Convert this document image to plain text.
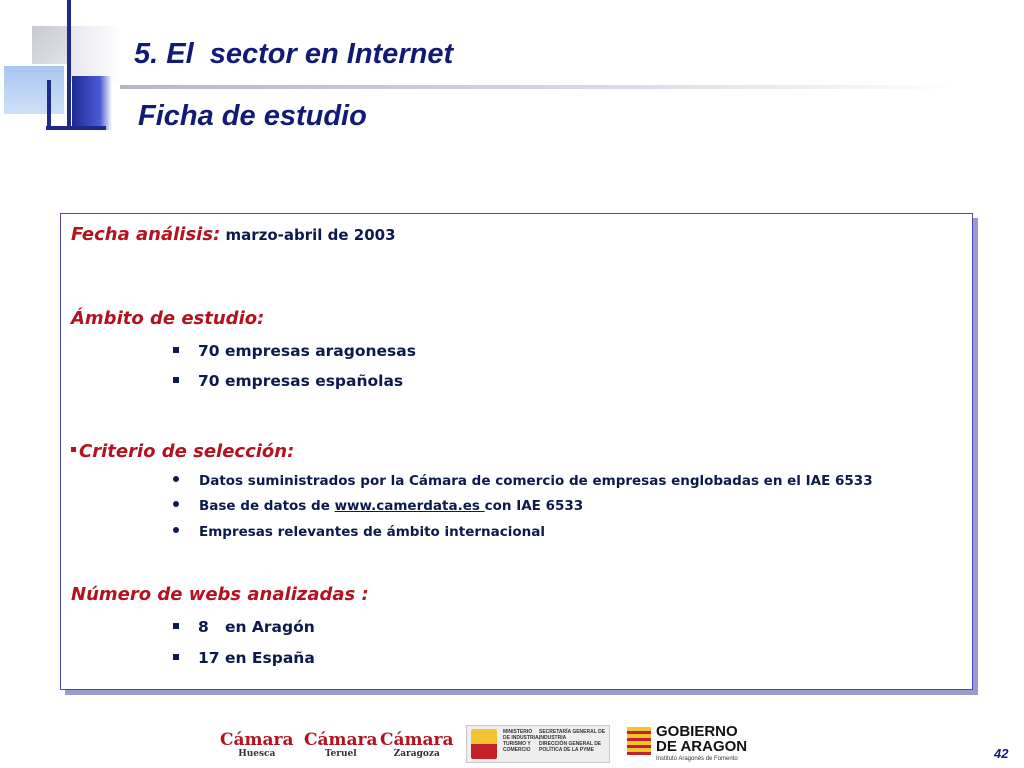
5. El  sector en Internet
Ficha de estudio
Fecha análisis: marzo-abril de 2003
Ámbito de estudio:
70 empresas aragonesas
70 empresas españolas
Criterio de selección:
Datos suministrados por la Cámara de comercio de empresas englobadas en el IAE 6533
Base de datos de www.camerdata.es con IAE 6533
Empresas relevantes de ámbito internacional
Número de webs analizadas :
8   en Aragón
17 en España
Cámara
Huesca
Cámara
Teruel
Cámara
Zaragoza
MINISTERIO
DE INDUSTRIA,
TURISMO Y
COMERCIO
SECRETARÍA GENERAL DE
INDUSTRIA
DIRECCIÓN GENERAL DE
POLÍTICA DE LA PYME
GOBIERNO
DE ARAGON
Instituto Aragonés de Fomento	42
